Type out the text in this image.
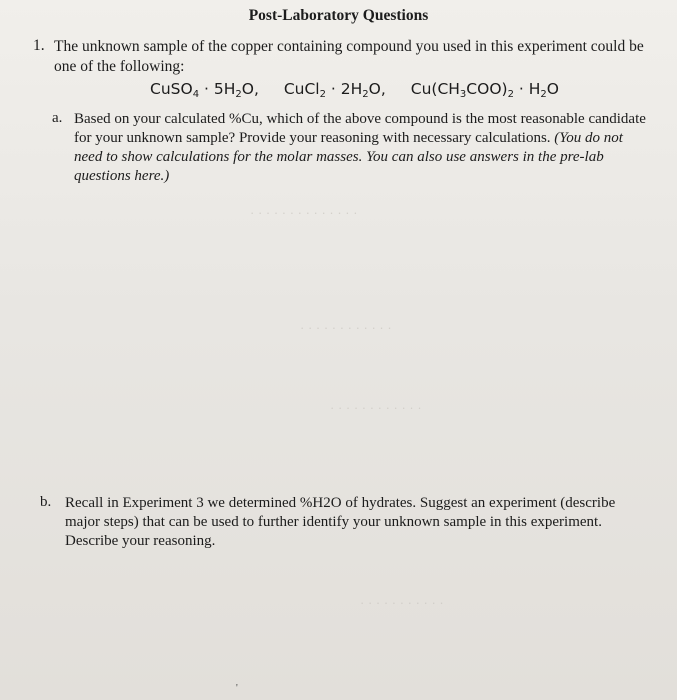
· · · · · · · · · · · · · ·
· · · · · · · · · · · ·
· · · · · · · · · · · ·
· · · · · · · · · · ·
Post-Laboratory Questions
1. The unknown sample of the copper containing compound you used in this experiment could be one of the following:
CuSO$_4$ · $5H_2O$, CuCl$_2$ · $2H_2O$, $Cu(CH_3COO)_2 \cdot H_2O$
a. Based on your calculated %Cu, which of the above compound is the most reasonable candidate for your unknown sample? Provide your reasoning with necessary calculations. (You do not need to show calculations for the molar masses. You can also use answers in the pre-lab questions here.)
b. Recall in Experiment 3 we determined %H2O of hydrates. Suggest an experiment (describe major steps) that can be used to further identify your unknown sample in this experiment. Describe your reasoning.
'
